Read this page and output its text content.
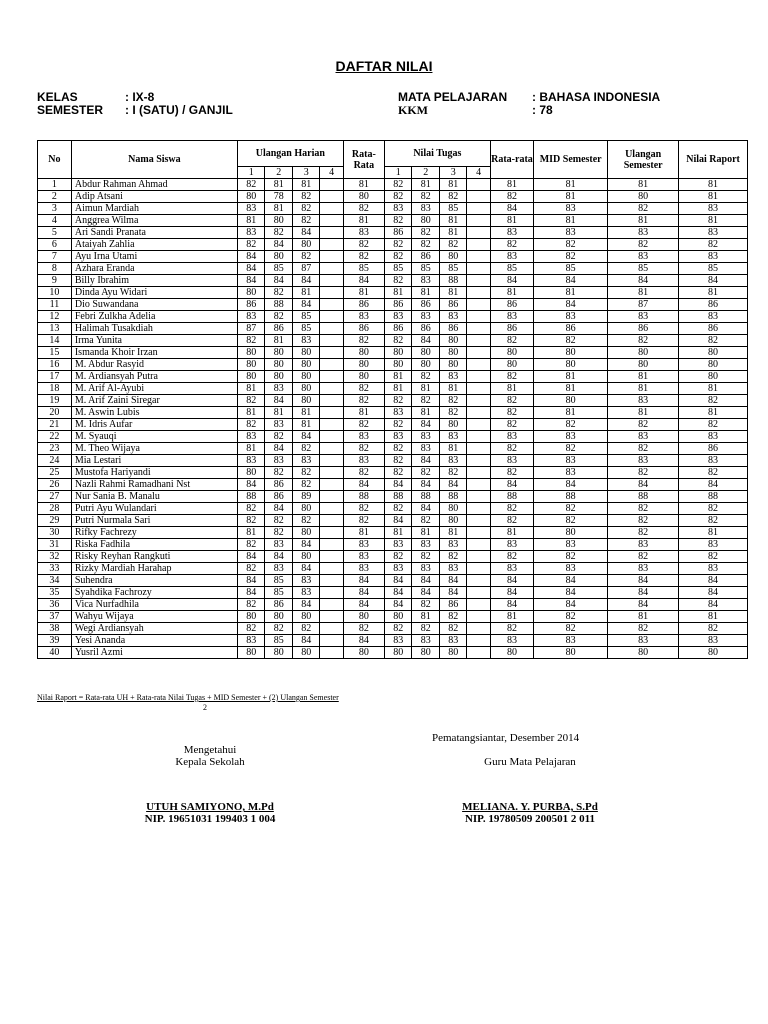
DAFTAR NILAI
KELAS	: IX-8
SEMESTER : I (SATU) / GANJIL
MATA PELAJARAN : BAHASA INDONESIA
KKM	: 78
No	Nama Siswa	Ulangan Harian				Rata-Rata	Nilai Tugas				Rata-rata	MID Semester	Ulangan Semester	Nilai Raport
		1	2	3	4		1	2	3	4				
1	Abdur Rahman Ahmad	82	81	81		81	82	81	81		81	81	81	81
2	Adip Atsani	80	78	82		80	82	82	82		82	81	80	81
3	Aimun Mardiah	83	81	82		82	83	83	85		84	83	82	83
4	Anggrea Wilma	81	80	82		81	82	80	81		81	81	81	81
5	Ari Sandi Pranata	83	82	84		83	86	82	81		83	83	83	83
6	Ataiyah Zahlia	82	84	80		82	82	82	82		82	82	82	82
7	Ayu Irna Utami	84	80	82		82	82	86	80		83	82	83	83
8	Azhara Eranda	84	85	87		85	85	85	85		85	85	85	85
9	Billy Ibrahim	84	84	84		84	82	83	88		84	84	84	84
10	Dinda Ayu Widari	80	82	81		81	81	81	81		81	81	81	81
11	Dio Suwandana	86	88	84		86	86	86	86		86	84	87	86
12	Febri Zulkha Adelia	83	82	85		83	83	83	83		83	83	83	83
13	Halimah Tusakdiah	87	86	85		86	86	86	86		86	86	86	86
14	Irma Yunita	82	81	83		82	82	84	80		82	82	82	82
15	Ismanda Khoir Irzan	80	80	80		80	80	80	80		80	80	80	80
16	M. Abdur Rasyid	80	80	80		80	80	80	80		80	80	80	80
17	M. Ardiansyah Putra	80	80	80		80	81	82	83		82	81	81	80
18	M. Arif Al-Ayubi	81	83	80		82	81	81	81		81	81	81	81
19	M. Arif Zaini Siregar	82	84	80		82	82	82	82		82	80	83	82
20	M. Aswin Lubis	81	81	81		81	83	81	82		82	81	81	81
21	M. Idris Aufar	82	83	81		82	82	84	80		82	82	82	82
22	M. Syauqi	83	82	84		83	83	83	83		83	83	83	83
23	M. Theo Wijaya	81	84	82		82	82	83	81		82	82	82	86
24	Mia Lestari	83	83	83		83	82	84	83		83	83	83	83
25	Mustofa Hariyandi	80	82	82		82	82	82	82		82	83	82	82
26	Nazli Rahmi Ramadhani Nst	84	86	82		84	84	84	84		84	84	84	84
27	Nur Sania B. Manalu	88	86	89		88	88	88	88		88	88	88	88
28	Putri Ayu Wulandari	82	84	80		82	82	84	80		82	82	82	82
29	Putri Nurmala Sari	82	82	82		82	84	82	80		82	82	82	82
30	Rifky Fachrezy	81	82	80		81	81	81	81		81	80	82	81
31	Riska Fadhila	82	83	84		83	83	83	83		83	83	83	83
32	Risky Reyhan Rangkuti	84	84	80		83	82	82	82		82	82	82	82
33	Rizky Mardiah Harahap	82	83	84		83	83	83	83		83	83	83	83
34	Suhendra	84	85	83		84	84	84	84		84	84	84	84
35	Syahdika Fachrozy	84	85	83		84	84	84	84		84	84	84	84
36	Vica Nurfadhila	82	86	84		84	84	82	86		84	84	84	84
37	Wahyu Wijaya	80	80	80		80	80	81	82		81	82	81	81
38	Wegi Ardiansyah	82	82	82		82	82	82	82		82	82	82	82
39	Yesi Ananda	83	85	84		84	83	83	83		83	83	83	83
40	Yusril Azmi	80	80	80		80	80	80	80		80	80	80	80
Nilai Raport = Rata-rata UH + Rata-rata Nilai Tugas + MID Semester + (2) Ulangan Semester
2
Pematangsiantar, Desember 2014
Mengetahui
Kepala Sekolah	Guru Mata Pelajaran
UTUH SAMIYONO, M.Pd
NIP. 19651031 199403 1 004
MELIANA. Y. PURBA, S.Pd
NIP. 19780509 200501 2 011
